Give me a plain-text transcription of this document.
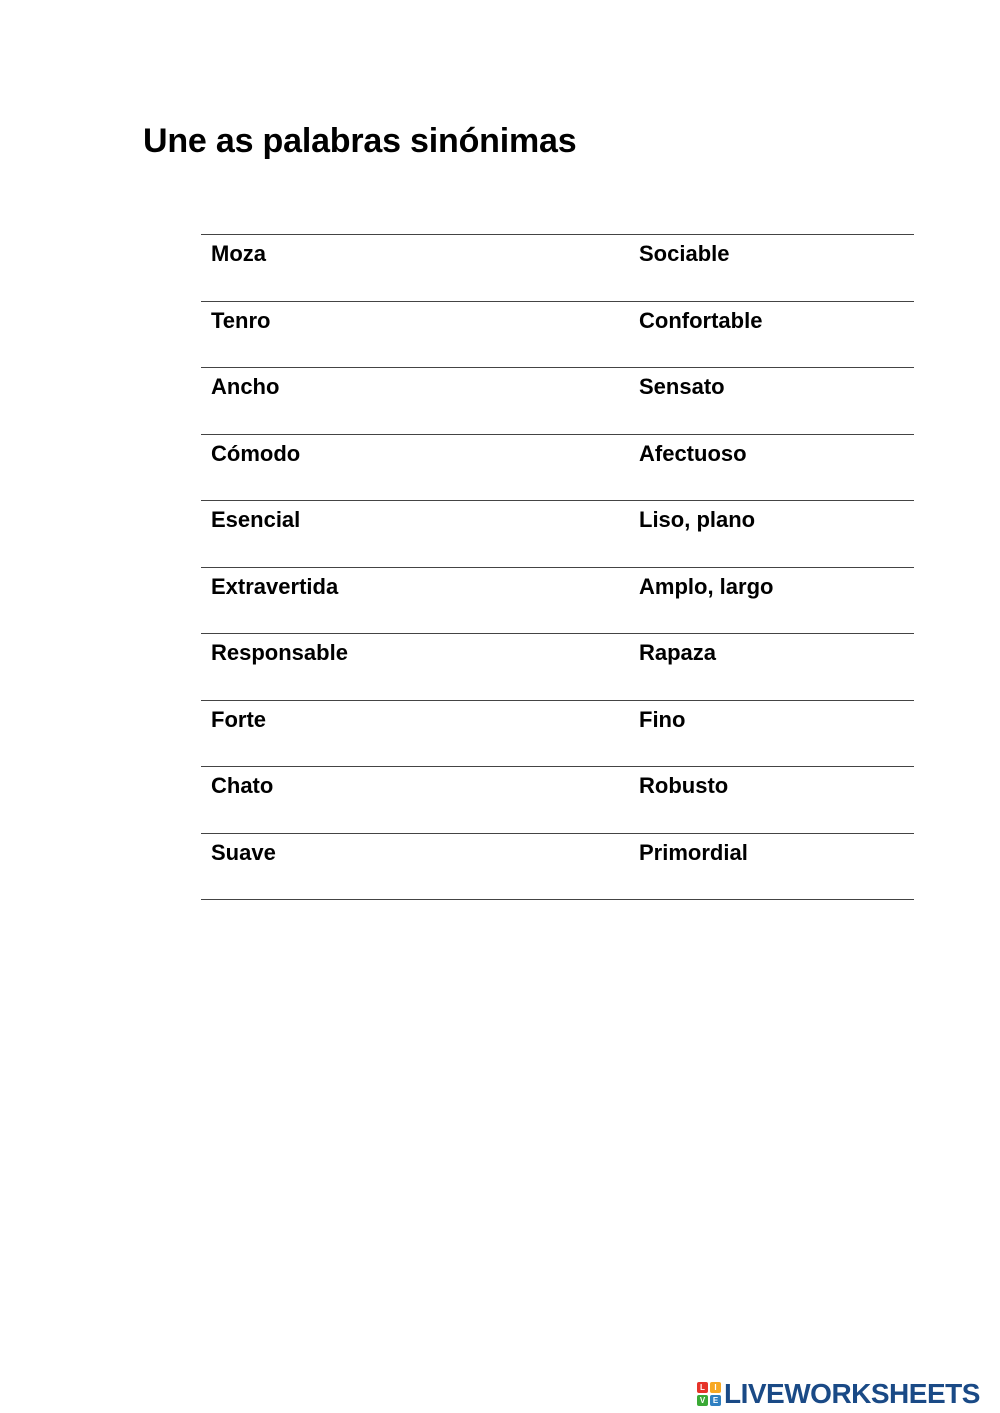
Une as palabras sinónimas
Moza	Sociable
Tenro	Confortable
Ancho	Sensato
Cómodo	Afectuoso
Esencial	Liso, plano
Extravertida	Amplo, largo
Responsable	Rapaza
Forte	Fino
Chato	Robusto
Suave	Primordial
L	I
V E LIVEWORKSHEETS
